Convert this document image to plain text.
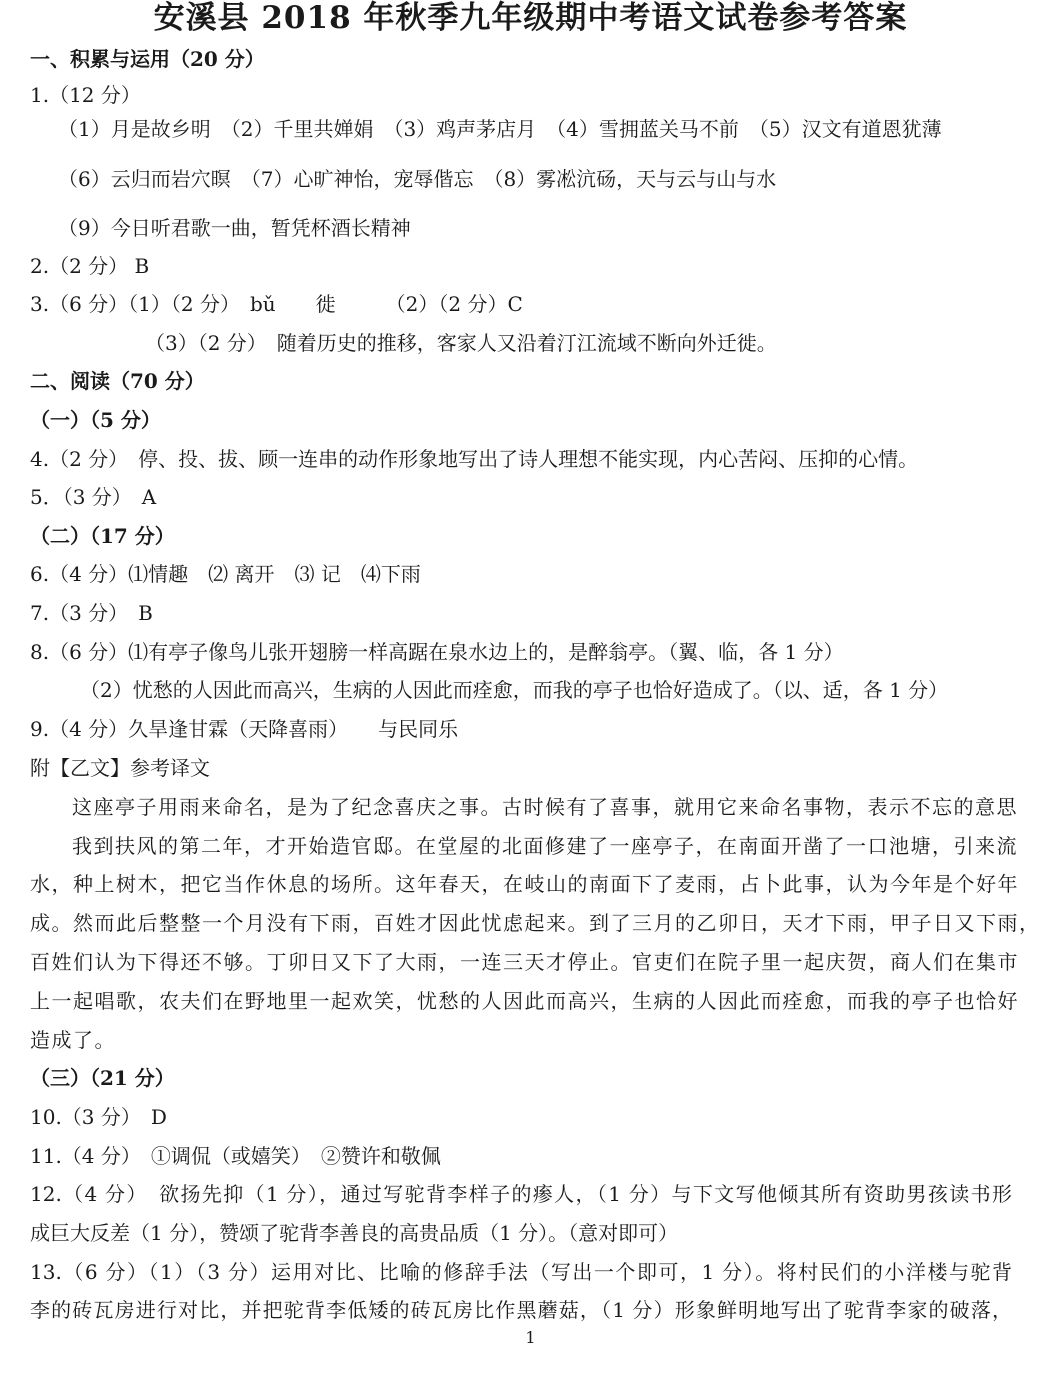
安溪县 2018 年秋季九年级期中考语文试卷参考答案
一、积累与运用（20 分）
1.（12 分）
（1）月是故乡明　（2）千里共婵娟　（3）鸡声茅店月　（4）雪拥蓝关马不前　（5）汉文有道恩犹薄
（6）云归而岩穴暝　（7）心旷神怡，宠辱偕忘　（8）雾凇沆砀，天与云与山与水
（9）今日听君歌一曲，暂凭杯酒长精神
2.（2 分） B
3.（6 分）（1）（2 分）　bǔ　　徙　　　（2）（2 分）C
（3）（2 分）　随着历史的推移，客家人又沿着汀江流域不断向外迁徙。
二、阅读（70 分）
（一）（5 分）
4.（2 分）　停、投、拔、顾一连串的动作形象地写出了诗人理想不能实现，内心苦闷、压抑的心情。
5．（3 分）　A
（二）（17 分）
6.（4 分）⑴情趣　⑵ 离开　⑶ 记　⑷下雨
7.（3 分）　B
8.（6 分）⑴有亭子像鸟儿张开翅膀一样高踞在泉水边上的，是醉翁亭。（翼、临，各 1 分）
（2）忧愁的人因此而高兴，生病的人因此而痊愈，而我的亭子也恰好造成了。（以、适，各 1 分）
9.（4 分）久旱逢甘霖（天降喜雨）　　与民同乐
附【乙文】参考译文
这座亭子用雨来命名，是为了纪念喜庆之事。古时候有了喜事，就用它来命名事物，表示不忘的意思
我到扶风的第二年，才开始造官邸。在堂屋的北面修建了一座亭子，在南面开凿了一口池塘，引来流
水，种上树木，把它当作休息的场所。这年春天，在岐山的南面下了麦雨，占卜此事，认为今年是个好年
成。然而此后整整一个月没有下雨，百姓才因此忧虑起来。到了三月的乙卯日，天才下雨，甲子日又下雨，
百姓们认为下得还不够。丁卯日又下了大雨，一连三天才停止。官吏们在院子里一起庆贺，商人们在集市
上一起唱歌，农夫们在野地里一起欢笑，忧愁的人因此而高兴，生病的人因此而痊愈，而我的亭子也恰好
造成了。
（三）（21 分）
10.（3 分）　D
11.（4 分）　①调侃（或嬉笑）　②赞许和敬佩
12.（4 分）　欲扬先抑（1 分），通过写驼背李样子的瘆人，（1 分）与下文写他倾其所有资助男孩读书形
成巨大反差（1 分），赞颂了驼背李善良的高贵品质（1 分）。（意对即可）
13.（6 分）（1）（3 分）运用对比、比喻的修辞手法（写出一个即可，1 分）。将村民们的小洋楼与驼背
李的砖瓦房进行对比，并把驼背李低矮的砖瓦房比作黑蘑菇，（1 分）形象鲜明地写出了驼背李家的破落，
1
